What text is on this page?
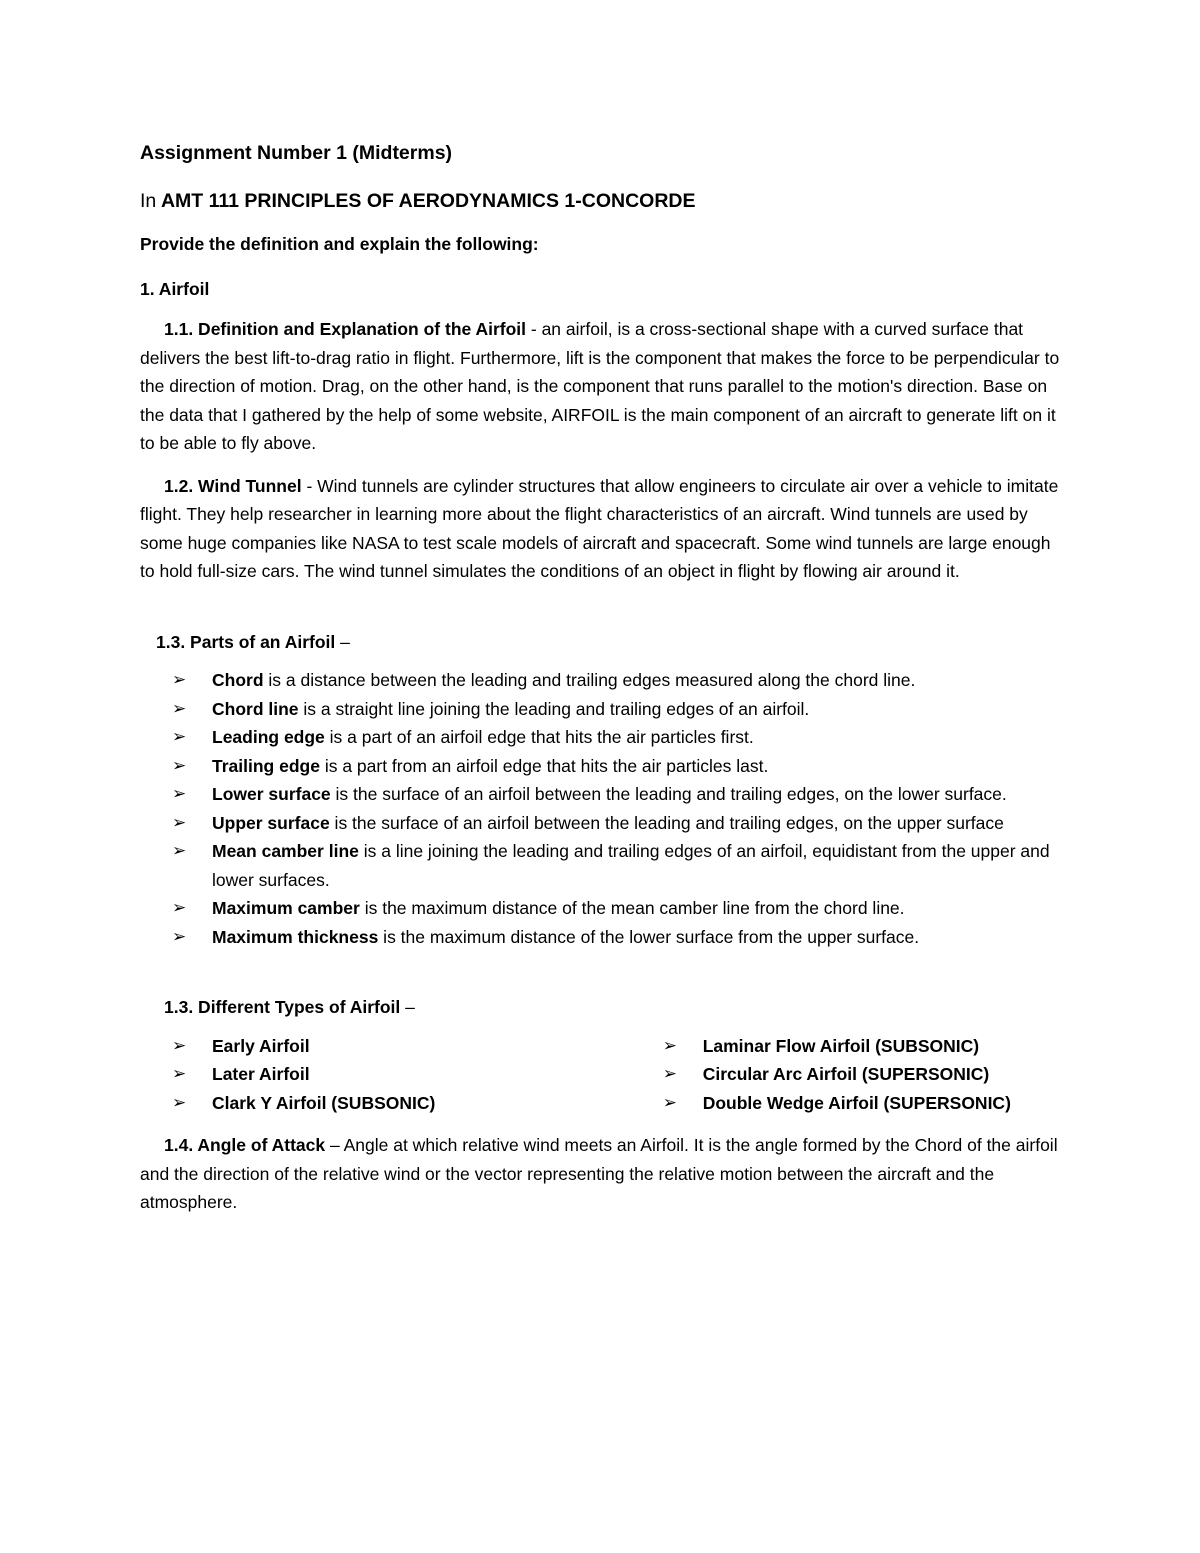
Assignment Number 1 (Midterms)
In AMT 111 PRINCIPLES OF AERODYNAMICS 1-CONCORDE
Provide the definition and explain the following:
1. Airfoil

1.1. Definition and Explanation of the Airfoil - an airfoil, is a cross-sectional shape with a curved surface that delivers the best lift-to-drag ratio in flight. Furthermore, lift is the component that makes the force to be perpendicular to the direction of motion. Drag, on the other hand, is the component that runs parallel to the motion's direction. Base on the data that I gathered by the help of some website, AIRFOIL is the main component of an aircraft to generate lift on it to be able to fly above.

1.2. Wind Tunnel - Wind tunnels are cylinder structures that allow engineers to circulate air over a vehicle to imitate flight. They help researcher in learning more about the flight characteristics of an aircraft. Wind tunnels are used by some huge companies like NASA to test scale models of aircraft and spacecraft. Some wind tunnels are large enough to hold full-size cars. The wind tunnel simulates the conditions of an object in flight by flowing air around it.

1.3. Parts of an Airfoil –
➢	Chord is a distance between the leading and trailing edges measured along the chord line.
➢	Chord line is a straight line joining the leading and trailing edges of an airfoil.
➢	Leading edge is a part of an airfoil edge that hits the air particles first.
➢	Trailing edge is a part from an airfoil edge that hits the air particles last.
➢	Lower surface is the surface of an airfoil between the leading and trailing edges, on the lower surface.
➢	Upper surface is the surface of an airfoil between the leading and trailing edges, on the upper surface
➢	Mean camber line is a line joining the leading and trailing edges of an airfoil, equidistant from the upper and lower surfaces.
➢	Maximum camber is the maximum distance of the mean camber line from the chord line.
➢	Maximum thickness is the maximum distance of the lower surface from the upper surface.
1.3. Different Types of Airfoil –
➢	Early Airfoil
➢	Later Airfoil
➢	Clark Y Airfoil (SUBSONIC)
➢	Laminar Flow Airfoil (SUBSONIC)
➢	Circular Arc Airfoil (SUPERSONIC)
➢	Double Wedge Airfoil (SUPERSONIC)

1.4. Angle of Attack – Angle at which relative wind meets an Airfoil. It is the angle formed by the Chord of the airfoil and the direction of the relative wind or the vector representing the relative motion between the aircraft and the atmosphere.
